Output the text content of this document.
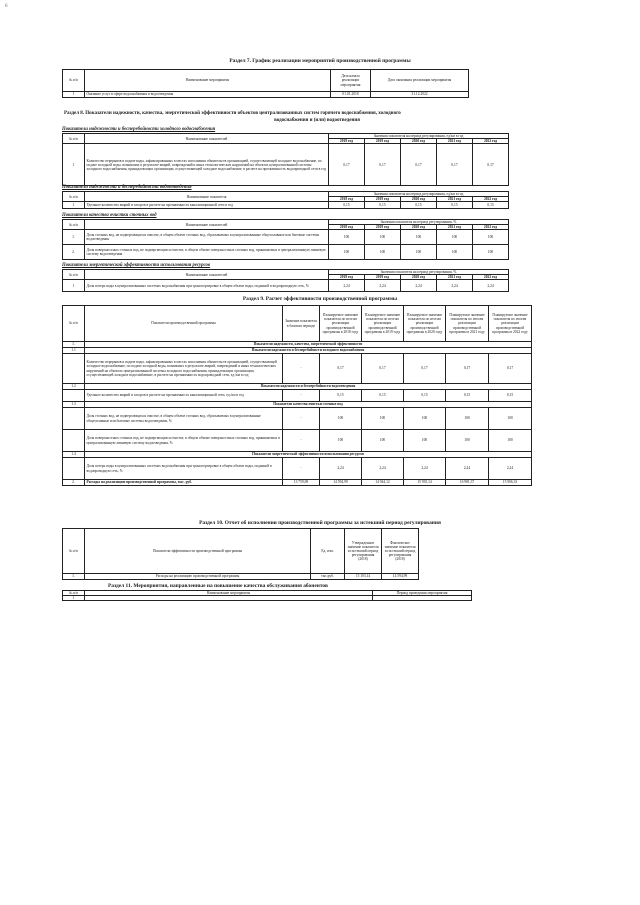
6
Раздел 7. График реализации мероприятий производственной программы
№ п/п	Наименование мероприятия	Дата начала реализации мероприятия	Дата окончания реализации мероприятия
1	Оказание услуг в сфере водоснабжения и водоотведения	01.01.2018	31.12.2022
Раздел 8. Показатели надежности, качества, энергетической эффективности объектов централизованных систем горячего водоснабжения, холодного
водоснабжения и (или) водоотведения
Показатели надежности и бесперебойности холодного водоснабжения
№ п/п	Наименование показателей	Значения показателя на период регулирования, ед/км в год				
		2018 год	2019 год	2020 год	2021 год	2022 год
1	Количество перерывов в подаче воды, зафиксированных в местах исполнения обязательств организацией, осуществляющей холодное водоснабжение, по подаче холодной воды, возникших в результате аварий, повреждений и иных технологических нарушений на объектах централизованной системы холодного водоснабжения, принадлежащих организации, осуществляющей холодное водоснабжение, в расчете на протяженность водопроводной сети в год	0,17	0,17	0,17	0,17	0,17
Показатели надежности и бесперебойности водоотведения
№ п/п	Наименование показателя	Значения показателя на период регулирования, ед/км в год				
		2018 год	2019 год	2020 год	2021 год	2022 год
1	Удельное количество аварий и засоров в расчете на протяженность канализационной сети в год	0,15	0,15	0,15	0,15	0,15
Показатели качества очистки сточных вод
№ п/п	Наименование показателей	Значения показателя на период регулирования, %				
		2018 год	2019 год	2020 год	2021 год	2022 год
1.	Доля сточных вод, не подвергающихся очистке, в общем объеме сточных вод, сбрасываемых в централизованные общесплавные или бытовые системы водоотведения	100	100	100	100	100
2.	Доля поверхностных сточных вод, не подвергающихся очистке, в общем объеме поверхностных сточных вод, принимаемых в централизованную ливневую систему водоотведения	100	100	100	100	100
Показатели энергетической эффективности использования ресурсов
№ п/п	Наименование показателей	Значения показателя на период регулирования, %				
		2018 год	2019 год	2020 год	2021 год	2022 год
1	Доля потерь воды в централизованных системах водоснабжения при транспортировке в общем объеме воды, поданной в водопроводную сеть, %	2,24	2,24	2,24	2,24	2,24
Раздел 9. Расчет эффективности производственной программы
№ п/п	Показатели производственной программы	Значение показателя в базовом периоде	Планируемое значение показателя по итогам реализации производственной программы в 2018 году	Планируемое значение показателя по итогам реализации производственной программы в 2019 году	Планируемое значение показателя по итогам реализации производственной программы в 2020 году	Планируемое значение показателя по итогам реализации производственной программы в 2021 году	Планируемое значение показателя по итогам реализации производственной программы в 2022 году
1.	Показатели надежности, качества, энергетической эффективности						
1.1	Показатели надежности и бесперебойности холодного водоснабжения						
	Количество перерывов в подаче воды, зафиксированных в местах исполнения обязательств организацией, осуществляющей холодное водоснабжение, по подаче холодной воды, возникших в результате аварий, повреждений и иных технологических нарушений на объектах централизованной системы холодного водоснабжения, принадлежащих организации, осуществляющей холодное водоснабжение, в расчете на протяженность водопроводной сети, ед./км в год	-	0,17	0,17	0,17	0,17	0,17
1.2	Показатели надежности и бесперебойности водоотведения						
	Удельное количество аварий и засоров в расчете на протяженность канализационной сети, ед./км в год	-	0,15	0,15	0,15	0,15	0,15
1.3	Показатели качества очистки сточных вод						
	Доля сточных вод, не подвергающихся очистке, в общем объеме сточных вод, сбрасываемых в централизованные общесплавные или бытовые системы водоотведения, %	-	100	100	100	100	100
	Доля поверхностных сточных вод, не подвергающихся очистке, в общем объеме поверхностных сточных вод, принимаемых в централизованную ливневую систему водоотведения, %	-	100	100	100	100	100
1.4	Показатели энергетической эффективности использования ресурсов						
	Доля потерь воды в централизованных системах водоснабжения при транспортировке в общем объеме воды, поданной в водопроводную сеть, %	-	2,24	2,24	2,24	2,24	2,24
2.	Расходы на реализацию производственной программы, тыс. руб.	13 759,09	14 594,99	14 944,12	15 935,14	16 981,37	15 906,33
Раздел 10. Отчет об исполнении производственной программы за истекший период регулирования
№ п/п	Показатели эффективности производственной программы	Ед. изм.	Утвержденное значение показателя за истекший период регулирования (2018)	Фактическое значение показателя за истекший период регулирования (2018)
1.	Расходы на реализацию производственной программы	тыс.руб.	15 103,14	14 594,99
Раздел 11. Мероприятия, направленные на повышение качества обслуживания абонентов
№ п/п	Наименование мероприятия	Период проведения мероприятия
1		
